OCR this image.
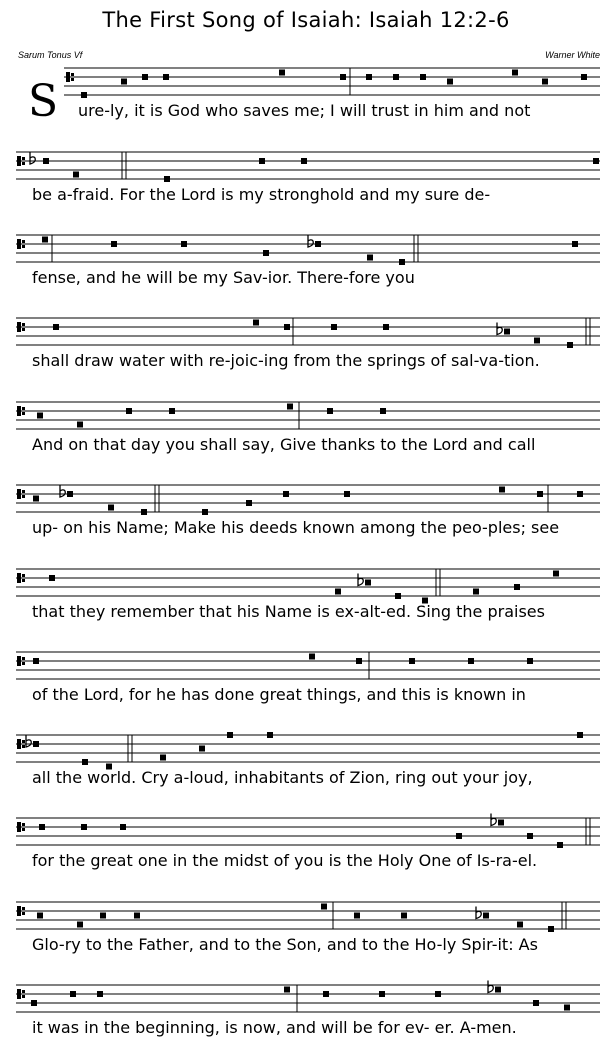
The First Song of Isaiah: Isaiah 12:2-6
Sarum Tonus Vf	Warner White
S ure-ly, it is God who saves me; I will trust in him and not
be a-fraid. For the Lord is my stronghold and my sure de-
fense, and he will be my Sav-ior. There-fore you
shall draw water with re-joic-ing from the springs of sal-va-tion.
And on that day you shall say, Give thanks to the Lord and call
up- on his Name; Make his deeds known among the peo-ples; see
that they remember that his Name is ex-alt-ed. Sing the praises
of the Lord, for he has done great things, and this is known in
all the world. Cry a-loud, inhabitants of Zion, ring out your joy,
for the great one in the midst of you is the Holy One of Is-ra-el.
Glo-ry to the Father, and to the Son, and to the Ho-ly Spir-it: As
it was in the beginning, is now, and will be for ev- er. A-men.
